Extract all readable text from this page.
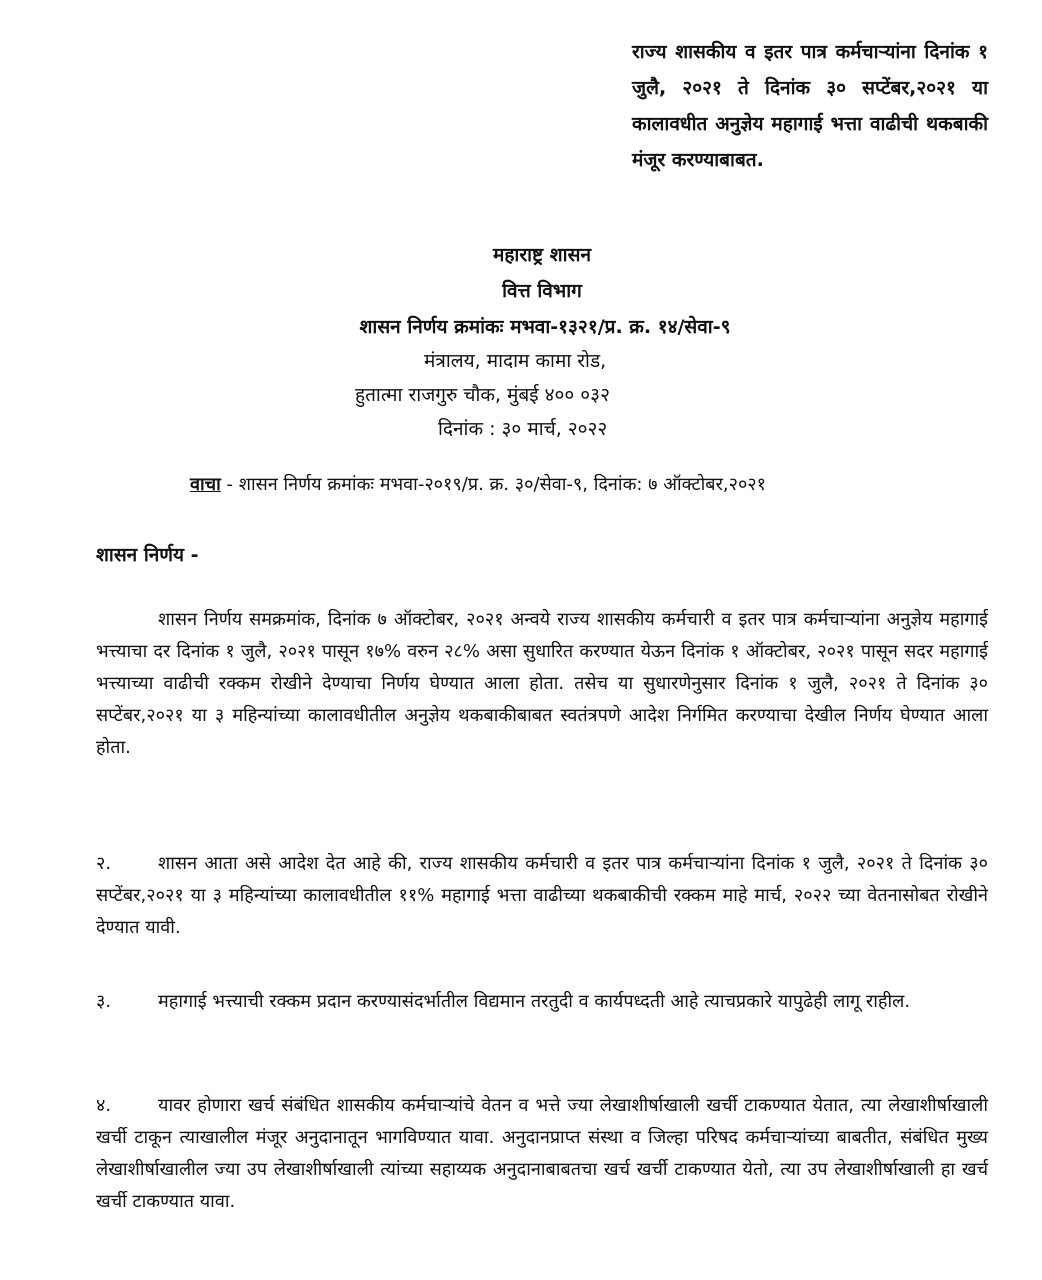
राज्य शासकीय व इतर पात्र कर्मचाऱ्यांना दिनांक १ जुलै, २०२१ ते दिनांक ३० सप्टेंबर,२०२१ या कालावधीत अनुज्ञेय महागाई भत्ता वाढीची थकबाकी मंजूर करण्याबाबत.
महाराष्ट्र शासन
वित्त विभाग
शासन निर्णय क्रमांकः मभवा-१३२१/प्र. क्र. १४/सेवा-९
मंत्रालय, मादाम कामा रोड,
हुतात्मा राजगुरु चौक, मुंबई ४०० ०३२
दिनांक : ३० मार्च, २०२२
वाचा - शासन निर्णय क्रमांकः मभवा-२०१९/प्र. क्र. ३०/सेवा-९, दिनांक: ७ ऑक्टोबर,२०२१
शासन निर्णय -
शासन निर्णय समक्रमांक, दिनांक ७ ऑक्टोबर, २०२१ अन्वये राज्य शासकीय कर्मचारी व इतर पात्र कर्मचाऱ्यांना अनुज्ञेय महागाई भत्त्याचा दर दिनांक १ जुलै, २०२१ पासून १७% वरुन २८% असा सुधारित करण्यात येऊन दिनांक १ ऑक्टोबर, २०२१ पासून सदर महागाई भत्त्याच्या वाढीची रक्कम रोखीने देण्याचा निर्णय घेण्यात आला होता. तसेच या सुधारणेनुसार दिनांक १ जुलै, २०२१ ते दिनांक ३० सप्टेंबर,२०२१ या ३ महिन्यांच्या कालावधीतील अनुज्ञेय थकबाकीबाबत स्वतंत्रपणे आदेश निर्गमित करण्याचा देखील निर्णय घेण्यात आला होता.
२.	शासन आता असे आदेश देत आहे की, राज्य शासकीय कर्मचारी व इतर पात्र कर्मचाऱ्यांना दिनांक १ जुलै, २०२१ ते दिनांक ३० सप्टेंबर,२०२१ या ३ महिन्यांच्या कालावधीतील ११% महागाई भत्ता वाढीच्या थकबाकीची रक्कम माहे मार्च, २०२२ च्या वेतनासोबत रोखीने देण्यात यावी.
३.	महागाई भत्त्याची रक्कम प्रदान करण्यासंदर्भातील विद्यमान तरतुदी व कार्यपध्दती आहे त्याचप्रकारे यापुढेही लागू राहील.
४.	यावर होणारा खर्च संबंधित शासकीय कर्मचाऱ्यांचे वेतन व भत्ते ज्या लेखाशीर्षाखाली खर्ची टाकण्यात येतात, त्या लेखाशीर्षाखाली खर्ची टाकून त्याखालील मंजूर अनुदानातून भागविण्यात यावा. अनुदानप्राप्त संस्था व जिल्हा परिषद कर्मचाऱ्यांच्या बाबतीत, संबंधित मुख्य लेखाशीर्षाखालील ज्या उप लेखाशीर्षाखाली त्यांच्या सहाय्यक अनुदानाबाबतचा खर्च खर्ची टाकण्यात येतो, त्या उप लेखाशीर्षाखाली हा खर्च खर्ची टाकण्यात यावा.
